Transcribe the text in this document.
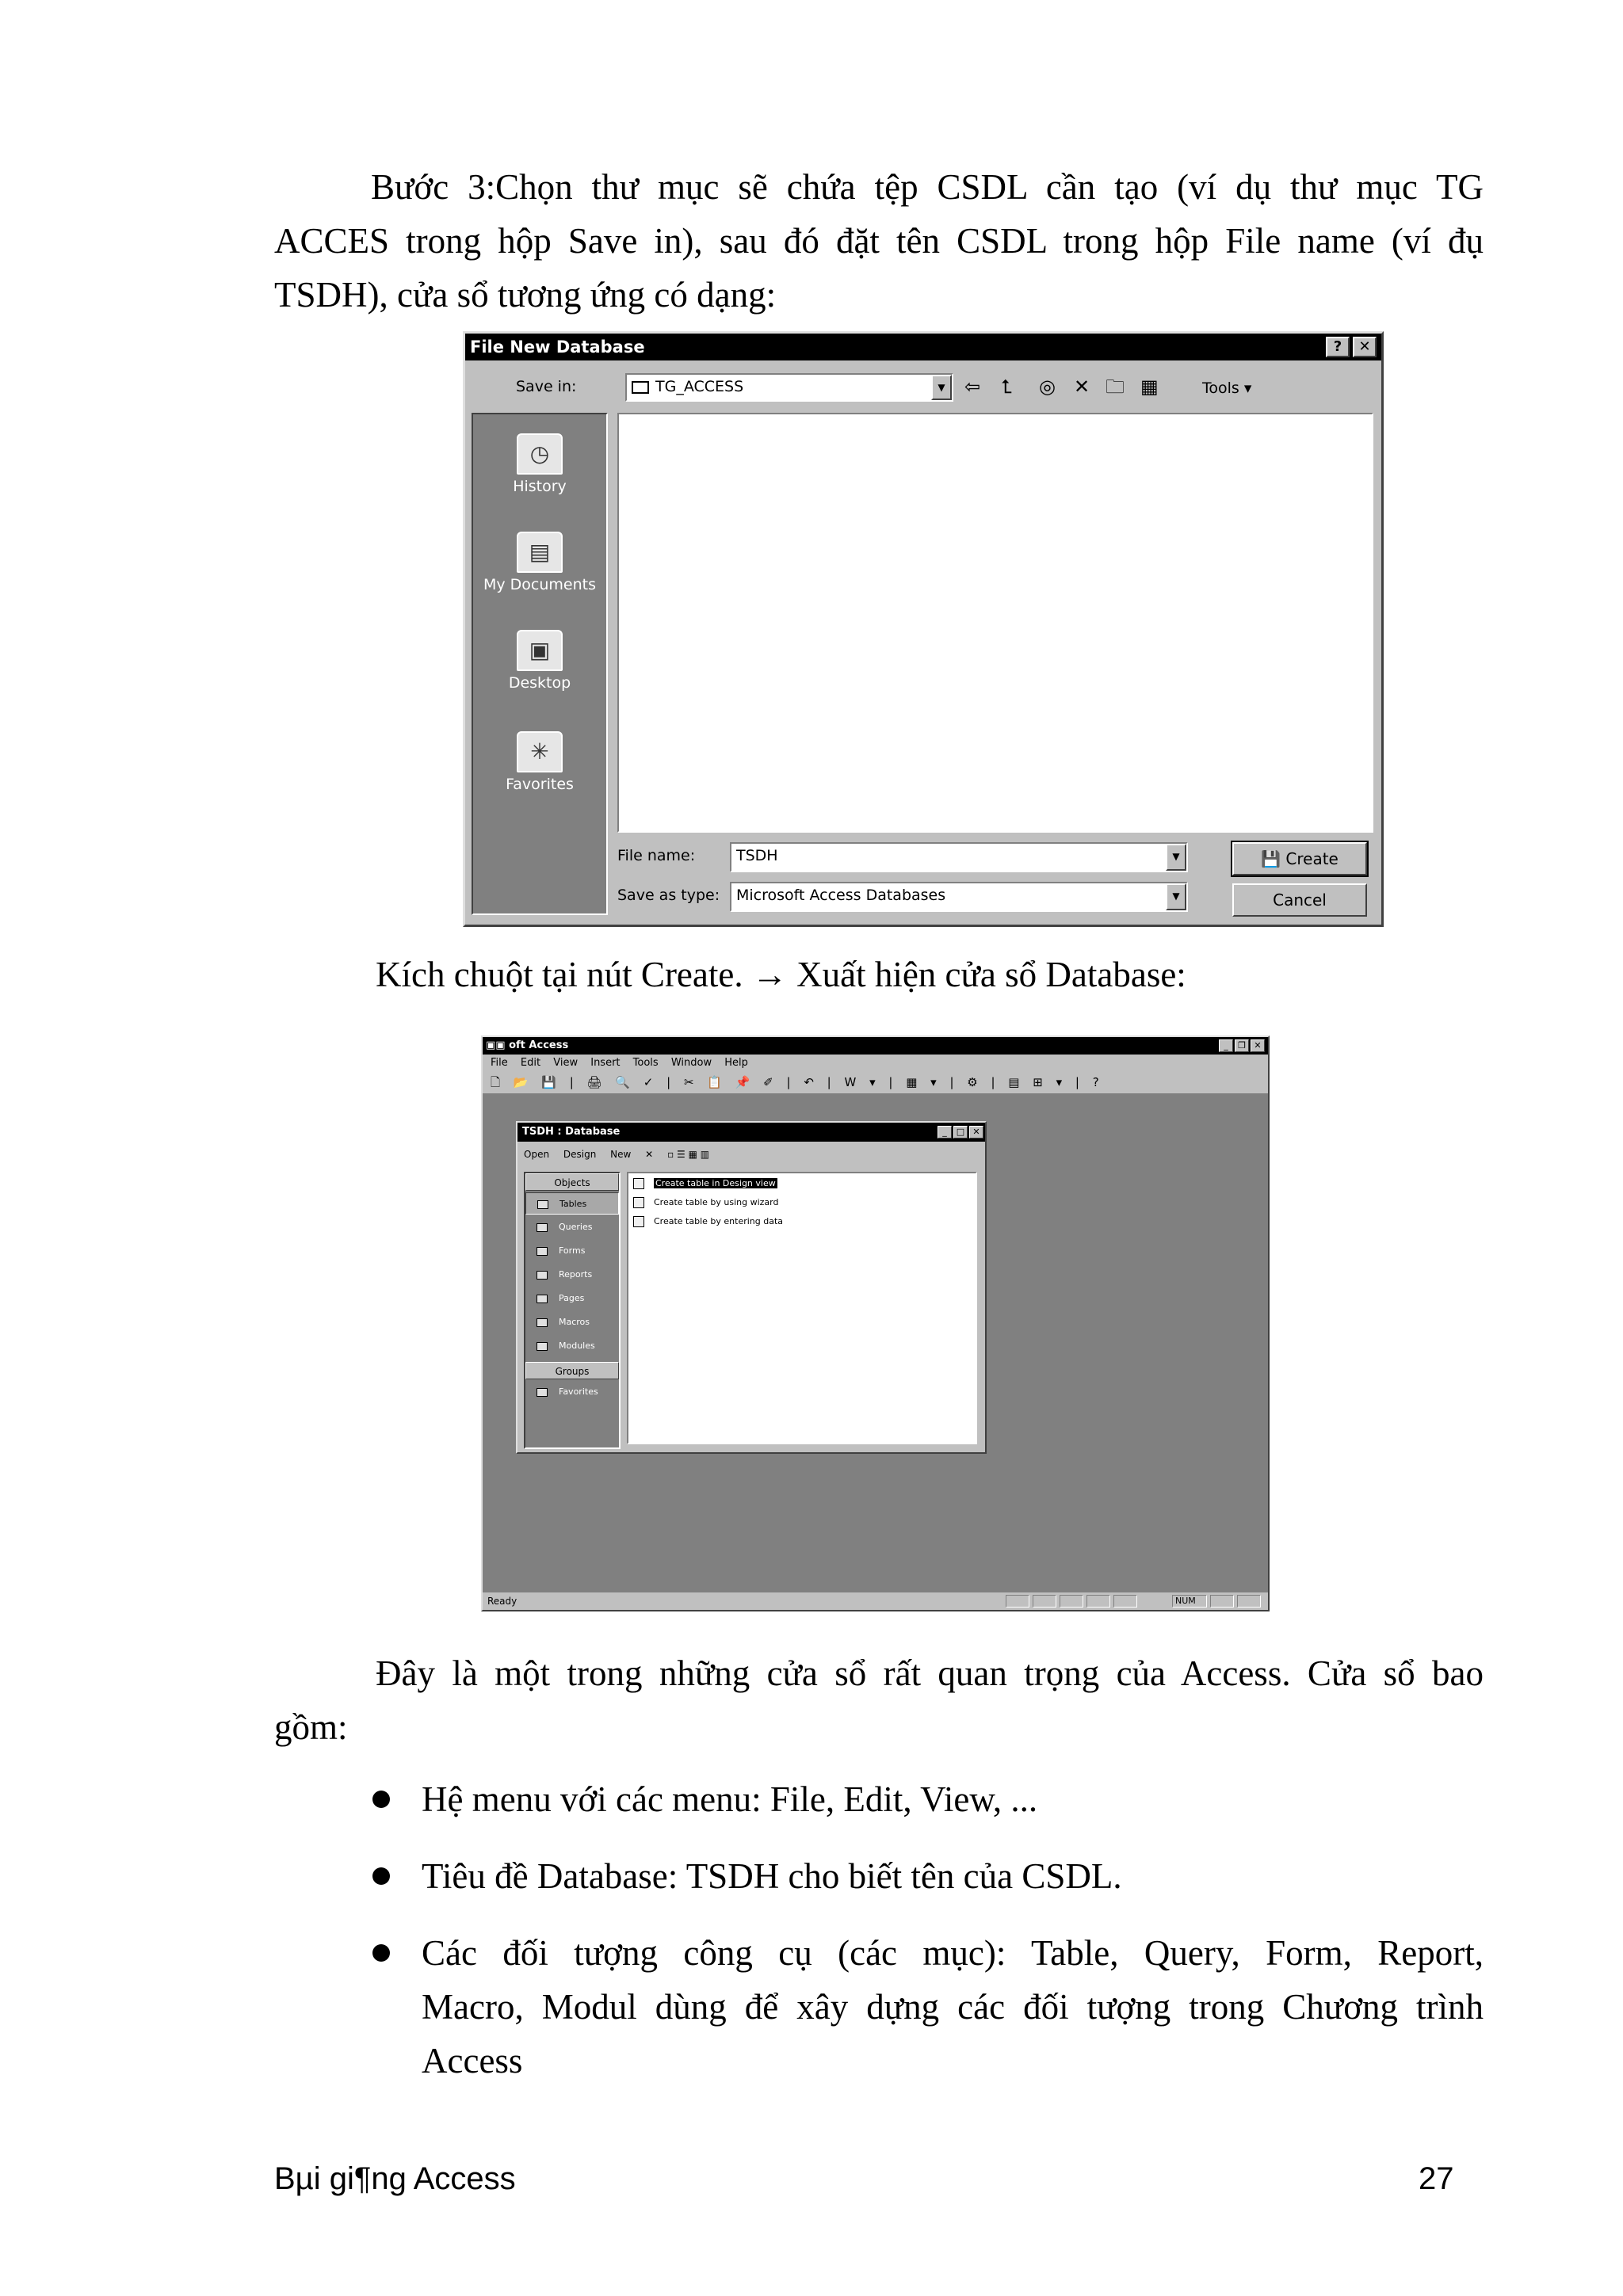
Bước 3:Chọn thư mục sẽ chứa tệp CSDL cần tạo (ví dụ thư mục TG
ACCES trong hộp Save in), sau đó đặt tên CSDL trong hộp File name (ví đụ
TSDH), cửa sổ tương ứng có dạng:
File New Database	?	✕
Save in:	TG_ACCESS	▼	⇦ ⮤ ◎ ✕ 🗀 ▦	Tools ▾
◷
History
▤
My Documents
▣
Desktop
✳
Favorites
File name:	TSDH	▼
Save as type:	Microsoft Access Databases	▼
💾 Create
Cancel
Kích chuột tại nút Create. → Xuất hiện cửa sổ Database:
▣▣ oft Access	_	❐ ✕
File Edit View Insert Tools Window Help
🗋 📂 💾 | 🖨 🔍 ✓ | ✂ 📋 📌 ✐ | ↶ | W ▾ | ▦ ▾ | ⚙ | ▤ ⊞ ▾ | ?
TSDH : Database	_	□ ✕
Open Design New ✕ ▫ ☰ ▦ ▥
Objects
Tables
Queries
Forms
Reports
Pages
Macros
Modules
Groups
Favorites
Create table in Design view
Create table by using wizard
Create table by entering data
Ready	NUM
Đây là một trong những cửa sổ rất quan trọng của Access. Cửa sổ bao
gồm:
Hệ menu với các menu: File, Edit, View, ...
Tiêu đề Database: TSDH cho biết tên của CSDL.
Các đối tượng công cụ (các mục): Table, Query, Form, Report,
Macro, Modul dùng để xây dựng các đối tượng trong Chương trình
Access
Bµi gi¶ng Access	27
